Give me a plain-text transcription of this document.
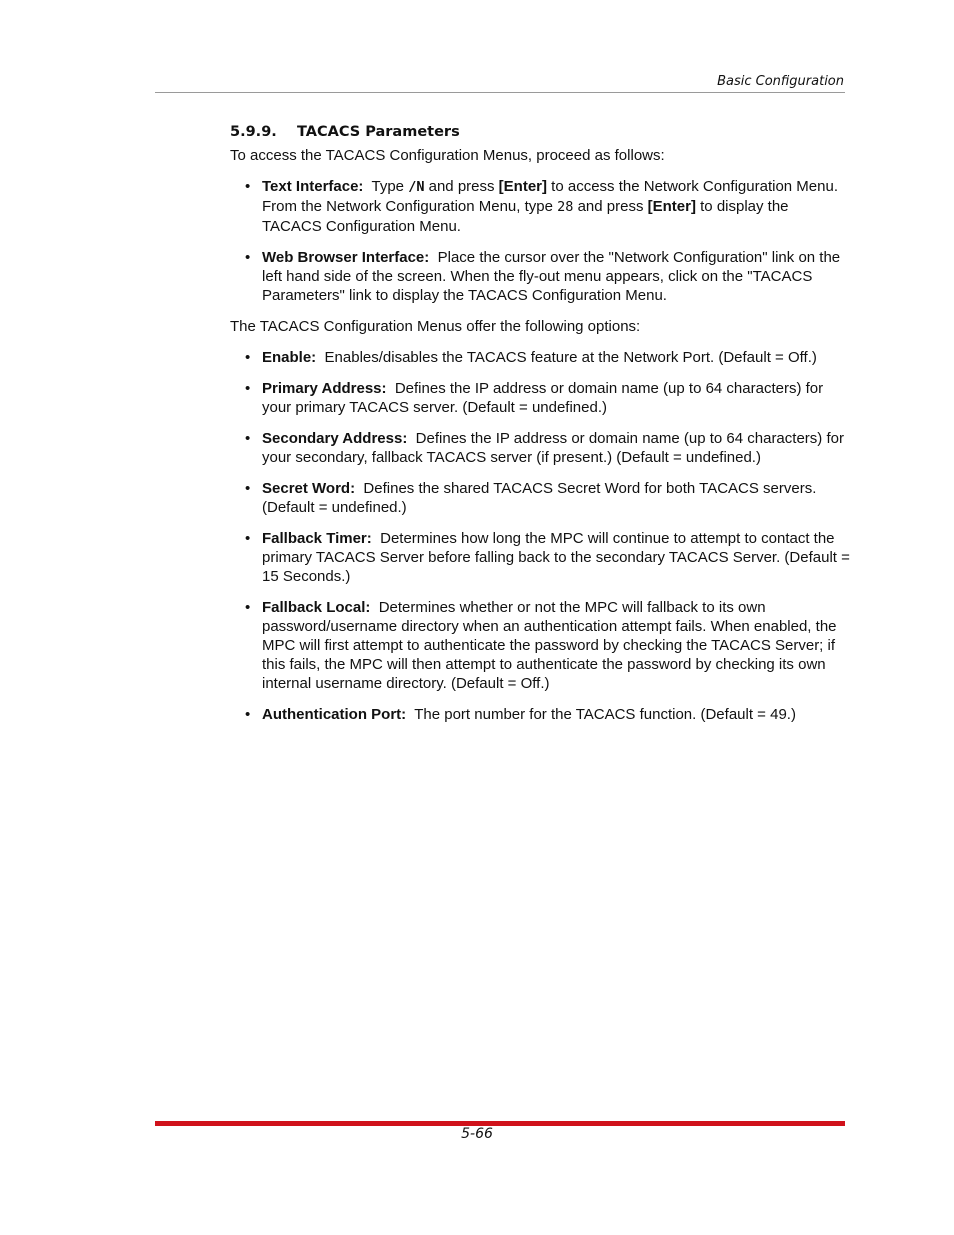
Basic Configuration
5.9.9. TACACS Parameters

To access the TACACS Configuration Menus, proceed as follows:

• Text Interface: Type /N and press [Enter] to access the Network Configuration Menu. From the Network Configuration Menu, type 28 and press [Enter] to display the TACACS Configuration Menu.
• Web Browser Interface: Place the cursor over the "Network Configuration" link on the left hand side of the screen. When the fly-out menu appears, click on the "TACACS Parameters" link to display the TACACS Configuration Menu.

The TACACS Configuration Menus offer the following options:

• Enable: Enables/disables the TACACS feature at the Network Port. (Default = Off.)
• Primary Address: Defines the IP address or domain name (up to 64 characters) for your primary TACACS server. (Default = undefined.)
• Secondary Address: Defines the IP address or domain name (up to 64 characters) for your secondary, fallback TACACS server (if present.) (Default = undefined.)
• Secret Word: Defines the shared TACACS Secret Word for both TACACS servers. (Default = undefined.)
• Fallback Timer: Determines how long the MPC will continue to attempt to contact the primary TACACS Server before falling back to the secondary TACACS Server. (Default = 15 Seconds.)
• Fallback Local: Determines whether or not the MPC will fallback to its own password/username directory when an authentication attempt fails. When enabled, the MPC will first attempt to authenticate the password by checking the TACACS Server; if this fails, the MPC will then attempt to authenticate the password by checking its own internal username directory. (Default = Off.)
• Authentication Port: The port number for the TACACS function. (Default = 49.)
5-66
